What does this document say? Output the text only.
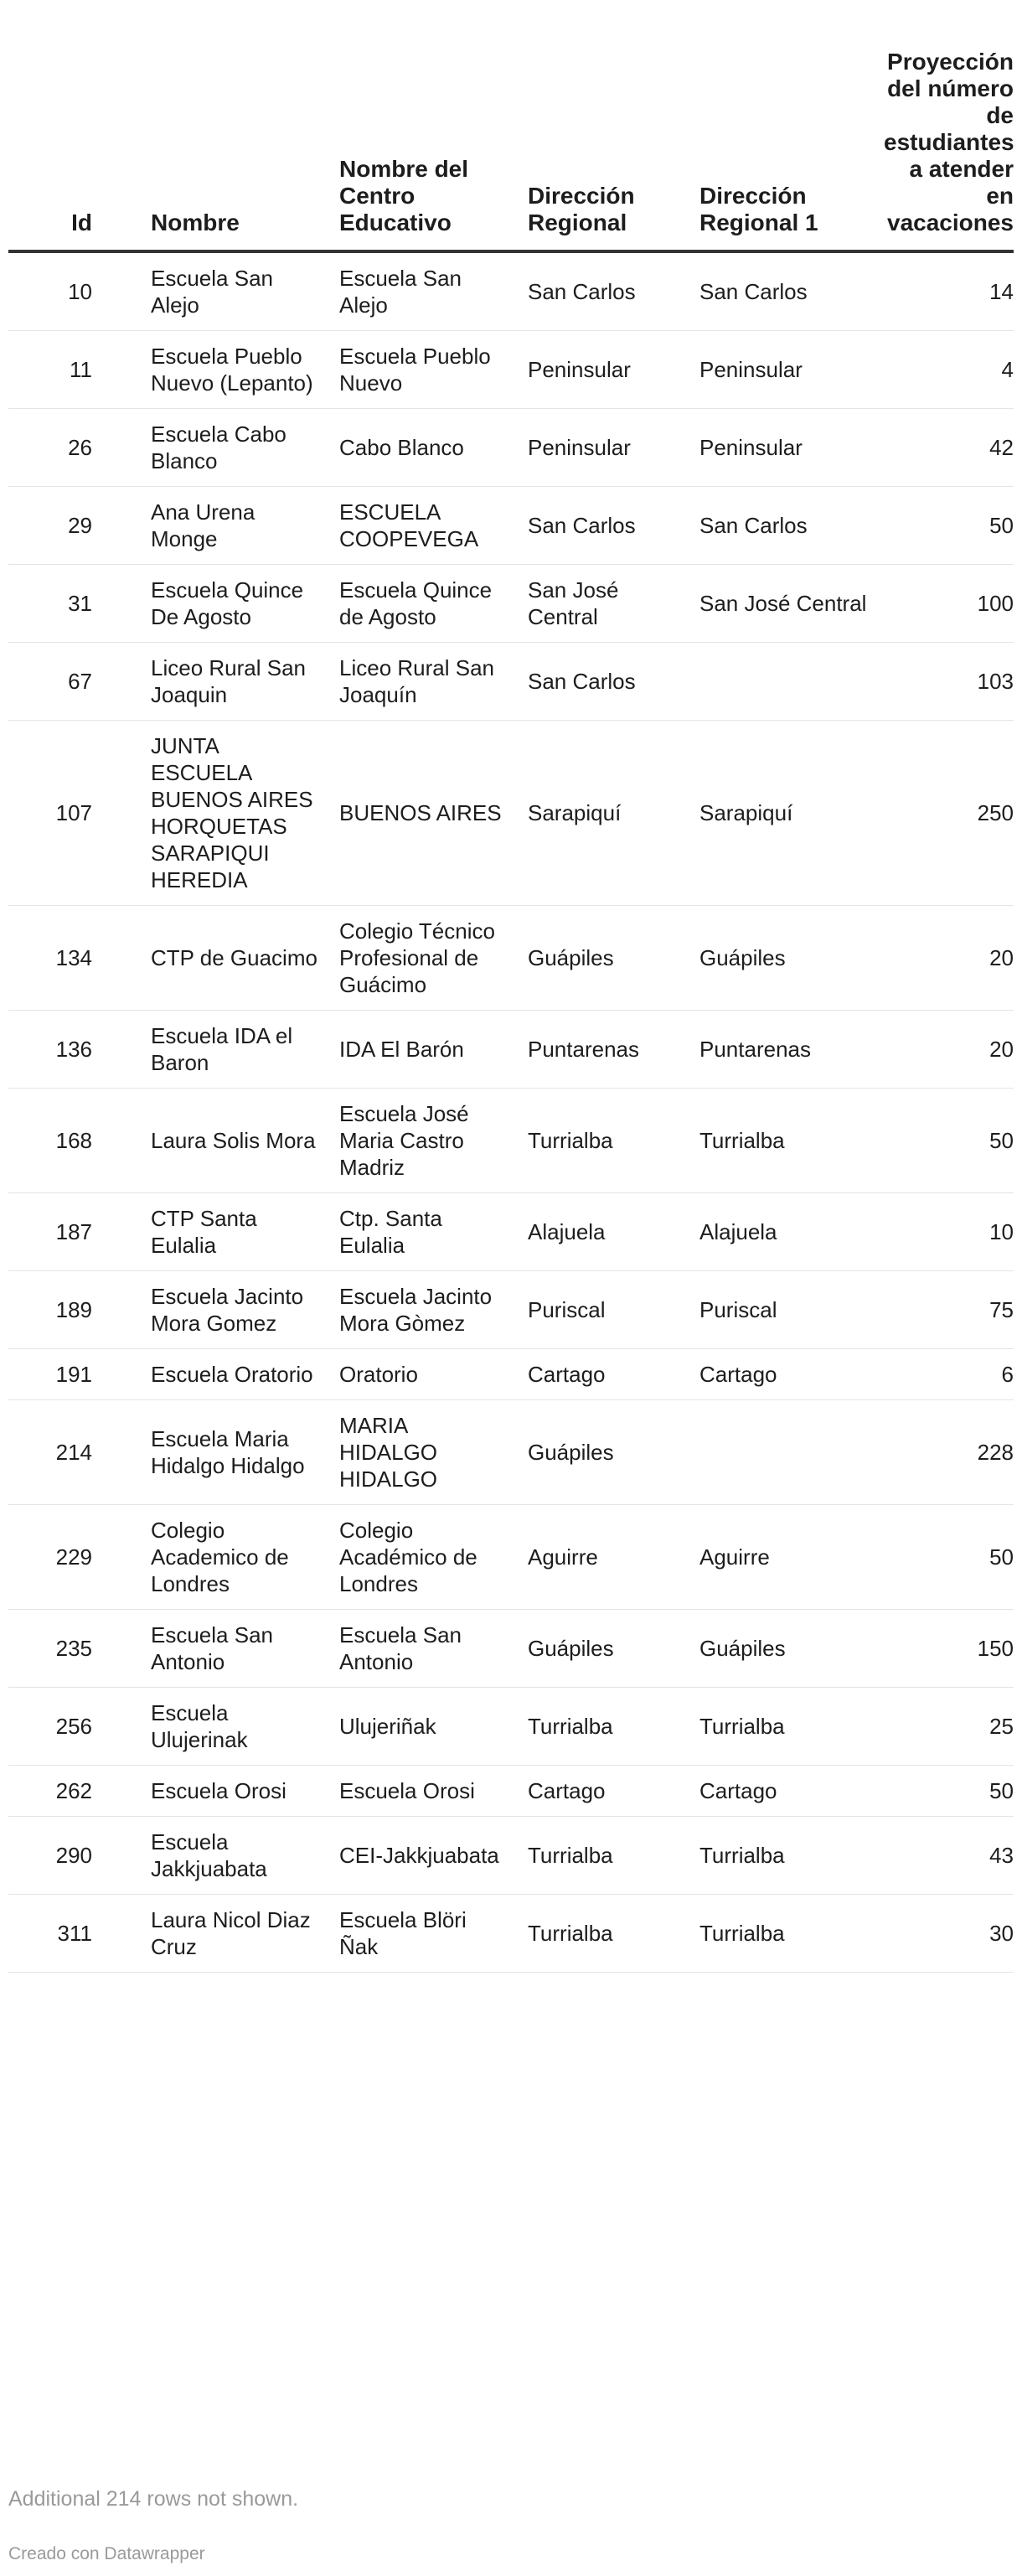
Id	Nombre	Nombre del Centro Educativo	Dirección Regional	Dirección Regional 1	Proyección del número de estudiantes a atender en vacaciones
10	Escuela San Alejo	Escuela San Alejo	San Carlos	San Carlos	14
11	Escuela Pueblo Nuevo (Lepanto)	Escuela Pueblo Nuevo	Peninsular	Peninsular	4
26	Escuela Cabo Blanco	Cabo Blanco	Peninsular	Peninsular	42
29	Ana Urena Monge	ESCUELA COOPEVEGA	San Carlos	San Carlos	50
31	Escuela Quince De Agosto	Escuela Quince de Agosto	San José Central	San José Central	100
67	Liceo Rural San Joaquin	Liceo Rural San Joaquín	San Carlos		103
107	JUNTA ESCUELA BUENOS AIRES HORQUETAS SARAPIQUI HEREDIA	BUENOS AIRES	Sarapiquí	Sarapiquí	250
134	CTP de Guacimo	Colegio Técnico Profesional de Guácimo	Guápiles	Guápiles	20
136	Escuela IDA el Baron	IDA El Barón	Puntarenas	Puntarenas	20
168	Laura Solis Mora	Escuela José Maria Castro Madriz	Turrialba	Turrialba	50
187	CTP Santa Eulalia	Ctp. Santa Eulalia	Alajuela	Alajuela	10
189	Escuela Jacinto Mora Gomez	Escuela Jacinto Mora Gòmez	Puriscal	Puriscal	75
191	Escuela Oratorio	Oratorio	Cartago	Cartago	6
214	Escuela Maria Hidalgo Hidalgo	MARIA HIDALGO HIDALGO	Guápiles		228
229	Colegio Academico de Londres	Colegio Académico de Londres	Aguirre	Aguirre	50
235	Escuela San Antonio	Escuela San Antonio	Guápiles	Guápiles	150
256	Escuela Ulujerinak	Ulujeriñak	Turrialba	Turrialba	25
262	Escuela Orosi	Escuela Orosi	Cartago	Cartago	50
290	Escuela Jakkjuabata	CEI-Jakkjuabata	Turrialba	Turrialba	43
311	Laura Nicol Diaz Cruz	Escuela Blöri Ñak	Turrialba	Turrialba	30
Additional 214 rows not shown.
Creado con Datawrapper
